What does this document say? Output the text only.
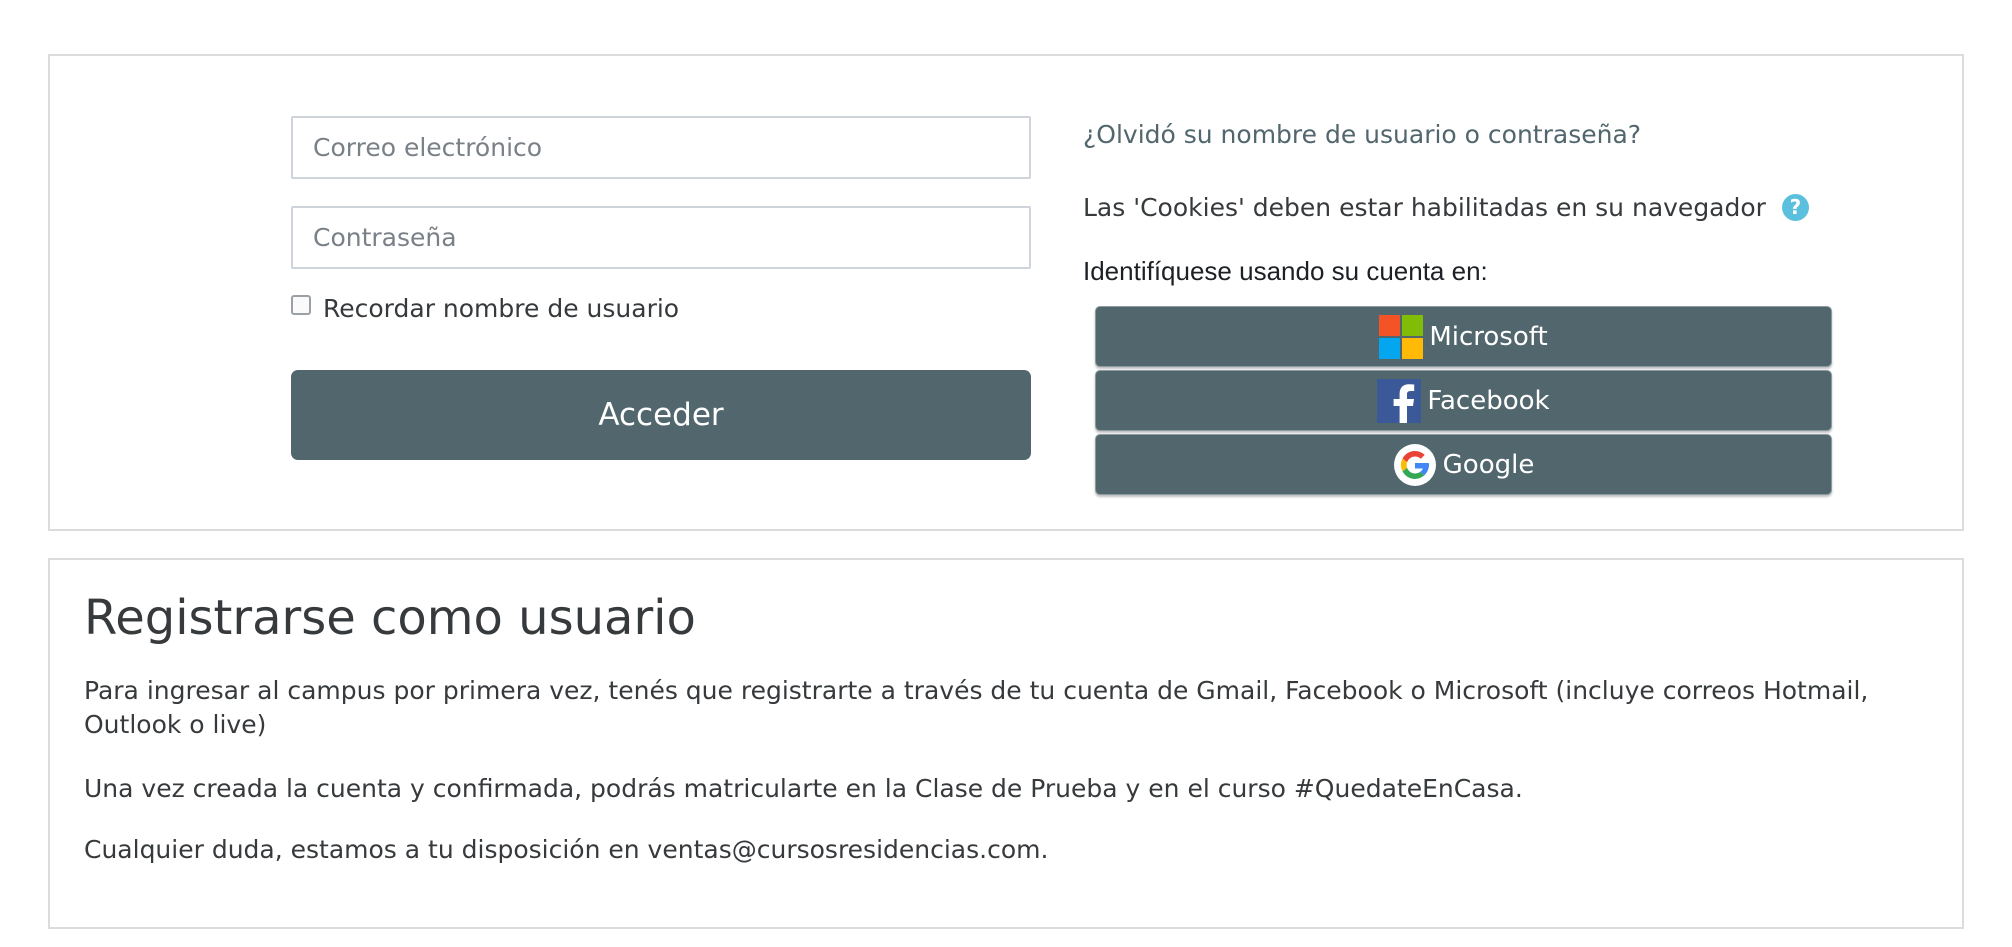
Correo electrónico
Recordar nombre de usuario
Acceder
¿Olvidó su nombre de usuario o contraseña?
Las 'Cookies' deben estar habilitadas en su navegador	?
Identifíquese usando su cuenta en:
Microsoft
Facebook
Google
Registrarse como usuario

Para ingresar al campus por primera vez, tenés que registrarte a través de tu cuenta de Gmail, Facebook o Microsoft (incluye correos Hotmail, Outlook o live)

Una vez creada la cuenta y confirmada, podrás matricularte en la Clase de Prueba y en el curso #QuedateEnCasa.

Cualquier duda, estamos a tu disposición en ventas@cursosresidencias.com.
